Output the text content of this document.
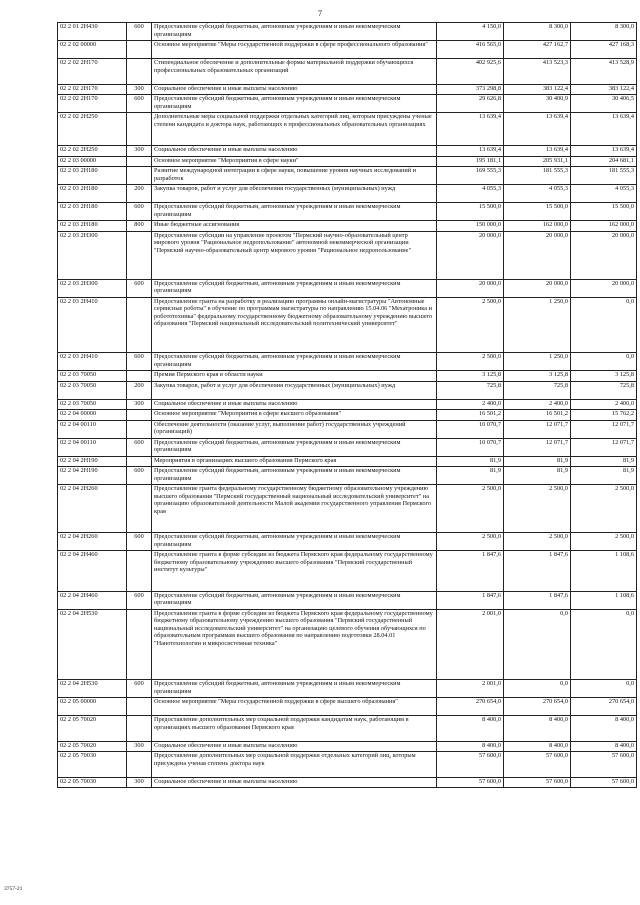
7
02 2 01 2Н430	600	Предоставление субсидий бюджетным, автономным учреждениям и иным некоммерческим организациям	4 150,0	8 300,0	8 300,0
02 2 02 00000		Основное мероприятие "Меры государственной поддержки в сфере профессионального образования"	416 565,0	427 162,7	427 168,3
02 2 02 2Н170		Стипендиальное обеспечение и дополнительные формы материальной поддержки обучающихся профессиональных образовательных организаций	402 925,6	413 523,3	413 528,9
02 2 02 2Н170	300	Социальное обеспечение и иные выплаты населению	373 298,8	383 122,4	383 122,4
02 2 02 2Н170	600	Предоставление субсидий бюджетным, автономным учреждениям и иным некоммерческим организациям	29 626,8	30 400,9	30 406,5
02 2 02 2Н250		Дополнительные меры социальной поддержки отдельных категорий лиц, которым присуждены ученые степени кандидата и доктора наук, работающих в профессиональных образовательных организациях	13 639,4	13 639,4	13 639,4
02 2 02 2Н250	300	Социальное обеспечение и иные выплаты населению	13 639,4	13 639,4	13 639,4
02 2 03 00000		Основное мероприятие "Мероприятия в сфере науки"	195 181,1	205 931,1	204 681,1
02 2 03 2Н180		Развитие международной интеграции в сфере науки, повышение уровня научных исследований и разработок	169 555,3	181 555,3	181 555,3
02 2 03 2Н180	200	Закупка товаров, работ и услуг для обеспечения государственных (муниципальных) нужд	4 055,3	4 055,3	4 055,3
02 2 03 2Н180	600	Предоставление субсидий бюджетным, автономным учреждениям и иным некоммерческим организациям	15 500,0	15 500,0	15 500,0
02 2 03 2Н180	800	Иные бюджетные ассигнования	150 000,0	162 000,0	162 000,0
02 2 03 2Н300		Предоставление субсидии на управление проектом "Пермский научно-образовательный центр мирового уровня "Рациональное недропользование" автономной некоммерческой организации "Пермский научно-образовательный центр мирового уровня "Рациональное недропользование"	20 000,0	20 000,0	20 000,0
02 2 03 2Н300	600	Предоставление субсидий бюджетным, автономным учреждениям и иным некоммерческим организациям	20 000,0	20 000,0	20 000,0
02 2 03 2Н410		Предоставление гранта на разработку и реализацию программы онлайн-магистратуры "Автономные сервисные роботы" в обучение по программам магистратуры по направлению 15.04.06 "Мехатроника и робототехника" федеральному государственному бюджетному образовательному учреждению высшего образования "Пермский национальный исследовательский политехнический университет"	2 500,0	1 250,0	0,0
02 2 03 2Н410	600	Предоставление субсидий бюджетным, автономным учреждениям и иным некоммерческим организациям	2 500,0	1 250,0	0,0
02 2 03 70050		Премия Пермского края в области науки	3 125,8	3 125,8	3 125,8
02 2 03 70050	200	Закупка товаров, работ и услуг для обеспечения государственных (муниципальных) нужд	725,8	725,8	725,8
02 2 03 70050	300	Социальное обеспечение и иные выплаты населению	2 400,0	2 400,0	2 400,0
02 2 04 00000		Основное мероприятие "Мероприятия в сфере высшего образования"	16 501,2	16 501,2	15 762,2
02 2 04 00110		Обеспечение деятельности (оказание услуг, выполнение работ) государственных учреждений (организаций)	10 070,7	12 071,7	12 071,7
02 2 04 00110	600	Предоставление субсидий бюджетным, автономным учреждениям и иным некоммерческим организациям	10 070,7	12 071,7	12 071,7
02 2 04 2Н190		Мероприятия в организациях высшего образования Пермского края	81,9	81,9	81,9
02 2 04 2Н190	600	Предоставление субсидий бюджетным, автономным учреждениям и иным некоммерческим организациям	81,9	81,9	81,9
02 2 04 2Н260		Предоставление гранта федеральному государственному бюджетному образовательному учреждению высшего образования "Пермский государственный национальный исследовательский университет" на организацию образовательной деятельности Малой академии государственного управления Пермского края	2 500,0	2 500,0	2 500,0
02 2 04 2Н260	600	Предоставление субсидий бюджетным, автономным учреждениям и иным некоммерческим организациям	2 500,0	2 500,0	2 500,0
02 2 04 2Н460		Предоставление гранта в форме субсидии из бюджета Пермского края федеральному государственному бюджетному образовательному учреждению высшего образования "Пермский государственный институт культуры"	1 847,6	1 847,6	1 108,6
02 2 04 2Н460	600	Предоставление субсидий бюджетным, автономным учреждениям и иным некоммерческим организациям	1 847,6	1 847,6	1 108,6
02 2 04 2Н530		Предоставление гранта в форме субсидии из бюджета Пермского края федеральному государственному бюджетному образовательному учреждению высшего образования "Пермский государственный национальный исследовательский университет" на организацию целевого обучения обучающихся по образовательным программам высшего образования по направлению подготовки 28.04.01 "Нанотехнологии и микросистемная техника"	2 001,0	0,0	0,0
02 2 04 2Н530	600	Предоставление субсидий бюджетным, автономным учреждениям и иным некоммерческим организациям	2 001,0	0,0	0,0
02 2 05 00000		Основное мероприятие "Меры государственной поддержки в сфере высшего образования"	270 654,0	270 654,0	270 654,0
02 2 05 70020		Предоставление дополнительных мер социальной поддержки кандидатам наук, работающим в организациях высшего образования Пермского края	8 400,0	8 400,0	8 400,0
02 2 05 70020	300	Социальное обеспечение и иные выплаты населению	8 400,0	8 400,0	8 400,0
02 2 05 70030		Предоставление дополнительных мер социальной поддержки отдельных категорий лиц, которым присуждена ученая степень доктора наук	57 600,0	57 600,0	57 600,0
02 2 05 70030	300	Социальное обеспечение и иные выплаты населению	57 600,0	57 600,0	57 600,0
3757-21
